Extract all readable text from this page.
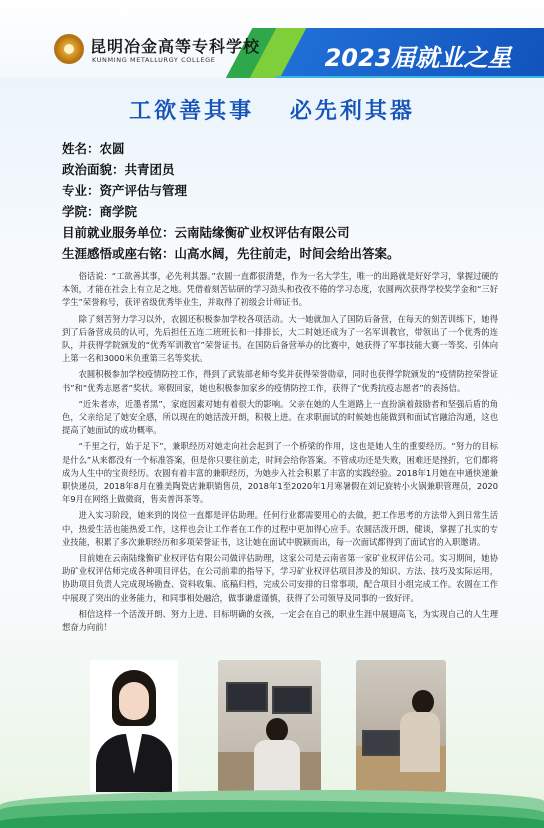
昆明冶金高等专科学校
KUNMING METALLURGY COLLEGE	2023届就业之星
工欲善其事　 必先利其器
姓名：农圆
政治面貌：共青团员
专业：资产评估与管理
学院：商学院
目前就业服务单位：云南陆缘衡矿业权评估有限公司
生涯感悟或座右铭：山高水阔，先往前走，时间会给出答案。

俗话说：“工欲善其事，必先利其器。”农圆一直都很清楚，作为一名大学生，唯一的出路就是好好学习，掌握过硬的本领，才能在社会上有立足之地。凭借着刻苦钻研的学习劲头和孜孜不倦的学习态度，农圆两次获得学校奖学金和“三好学生”荣誉称号，获评省级优秀毕业生，并取得了初级会计师证书。

除了刻苦努力学习以外，农圆还积极参加学校各项活动。大一她就加入了国防后备营，在每天的刻苦训练下，她得到了后备营成员的认可，先后担任五连二班班长和一排排长，大二时她还成为了一名军训教官，带领出了一个优秀的连队，并获得学院颁发的“优秀军训教官”荣誉证书。在国防后备营举办的比赛中，她获得了军事技能大赛一等奖、引体向上第一名和3000米负重第三名等奖状。

农圆积极参加学校疫情防控工作，得到了武装部老师夸奖并获得荣誉勋章，同时也获得学院颁发的“疫情防控荣誉证书”和“优秀志愿者”奖状。寒假回家，她也积极参加家乡的疫情防控工作，获得了“优秀抗疫志愿者”的表扬信。

“近朱者赤，近墨者黑”，家庭因素对她有着很大的影响。父亲在她的人生道路上一直扮演着鼓励者和坚强后盾的角色，父亲给足了她安全感，所以现在的她活泼开朗，积极上进。在求职面试的时候她也能做到和面试官融洽沟通，这也提高了她面试的成功概率。

“千里之行，始于足下”，兼职经历对她走向社会起到了一个桥梁的作用，这也是她人生的重要经历。“努力的目标是什么”从来都没有一个标准答案，但是你只要往前走，时间会给你答案。不管成功还是失败，困难还是挫折，它们都将成为人生中的宝贵经历。农圆有着丰富的兼职经历，为她步入社会积累了丰富的实践经验。2018年1月她在申通快递兼职快递员，2018年8月在雅美陶瓷店兼职销售员，2018年1至2020年1月寒暑假在刘记旋转小火锅兼职管理员，2020年9月在网络上做微商，售卖普洱茶等。

进入实习阶段，她来到的岗位一直都是评估助理。任何行业都需要用心的去做，把工作思考的方法带入到日常生活中，热爱生活也能热爱工作，这样也会让工作者在工作的过程中更加得心应手。农圆活泼开朗，健谈，掌握了扎实的专业技能，积累了多次兼职经历和多项荣誉证书，这让她在面试中脱颖而出，每一次面试都得到了面试官的入职邀请。

目前她在云南陆缘衡矿业权评估有限公司做评估助理，这家公司是云南省第一家矿业权评估公司。实习期间，她协助矿业权评估师完成各种项目评估，在公司前辈的指导下，学习矿业权评估项目涉及的知识、方法、技巧及实际运用，协助项目负责人完成现场勘查、资料收集、底稿归档，完成公司安排的日常事项，配合项目小组完成工作。农圆在工作中展现了突出的业务能力，和同事相处融洽，做事谦虚谨慎，获得了公司领导及同事的一致好评。

相信这样一个活泼开朗、努力上进、目标明确的女孩，一定会在自己的职业生涯中展翅高飞，为实现自己的人生理想奋力向前！
